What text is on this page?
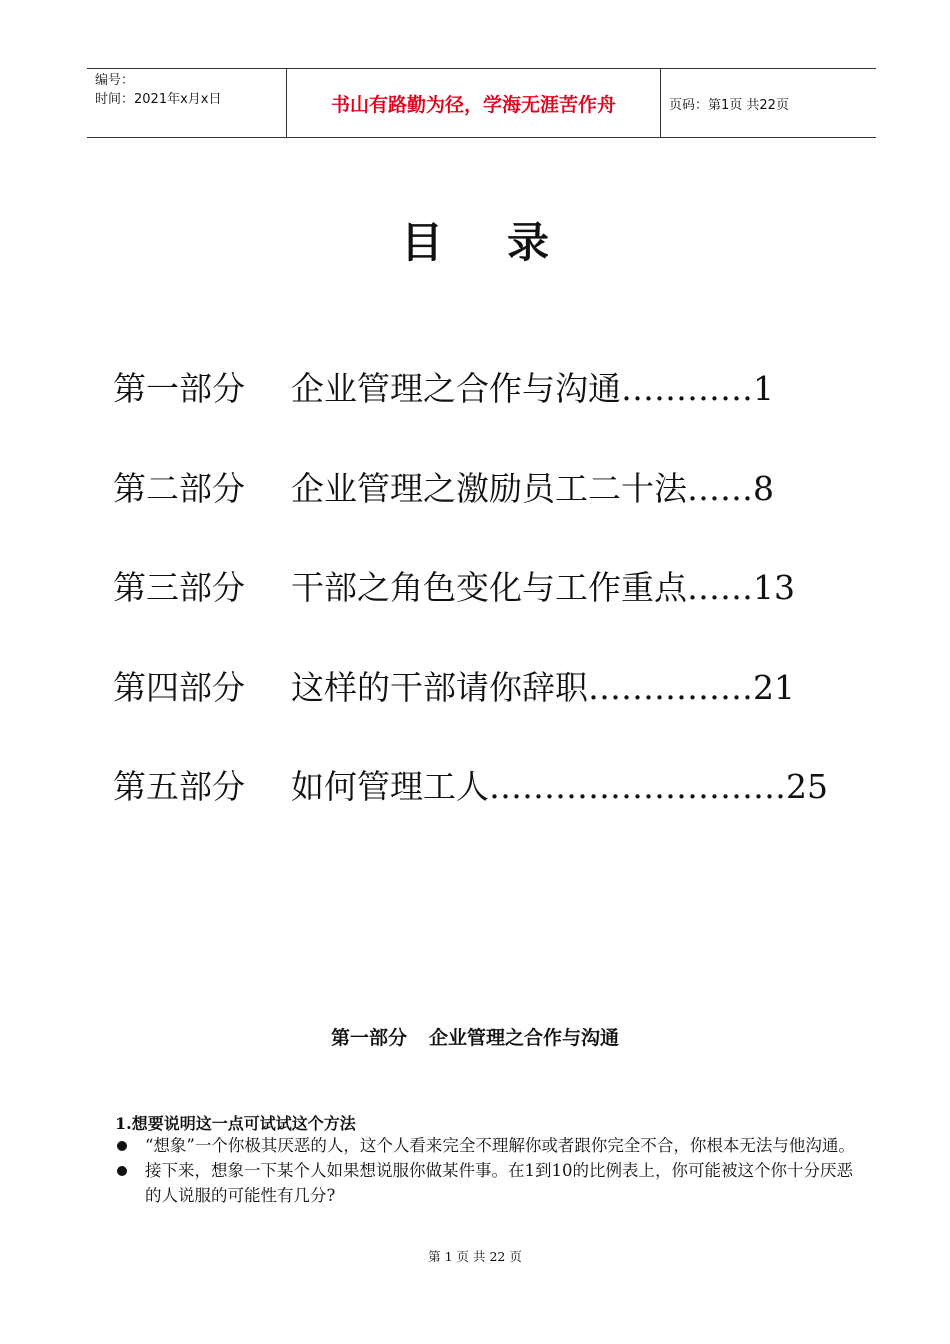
编号：
时间：2021年x月x日	书山有路勤为径，学海无涯苦作舟	页码：第1页 共22页
目录
第一部分	企业管理之合作与沟通 ………… 1
第二部分	企业管理之激励员工二十法 …… 8
第三部分	干部之角色变化与工作重点 …… 13
第四部分	这样的干部请你辞职 …………… 21
第五部分	如何管理工人 ……………………… 25
第一部分 企业管理之合作与沟通
1.想要说明这一点可试试这个方法
“想象”一个你极其厌恶的人，这个人看来完全不理解你或者跟你完全不合，你根本无法与他沟通。
接下来，想象一下某个人如果想说服你做某件事。在1到10的比例表上，你可能被这个你十分厌恶的人说服的可能性有几分?
第 1 页 共 22 页
